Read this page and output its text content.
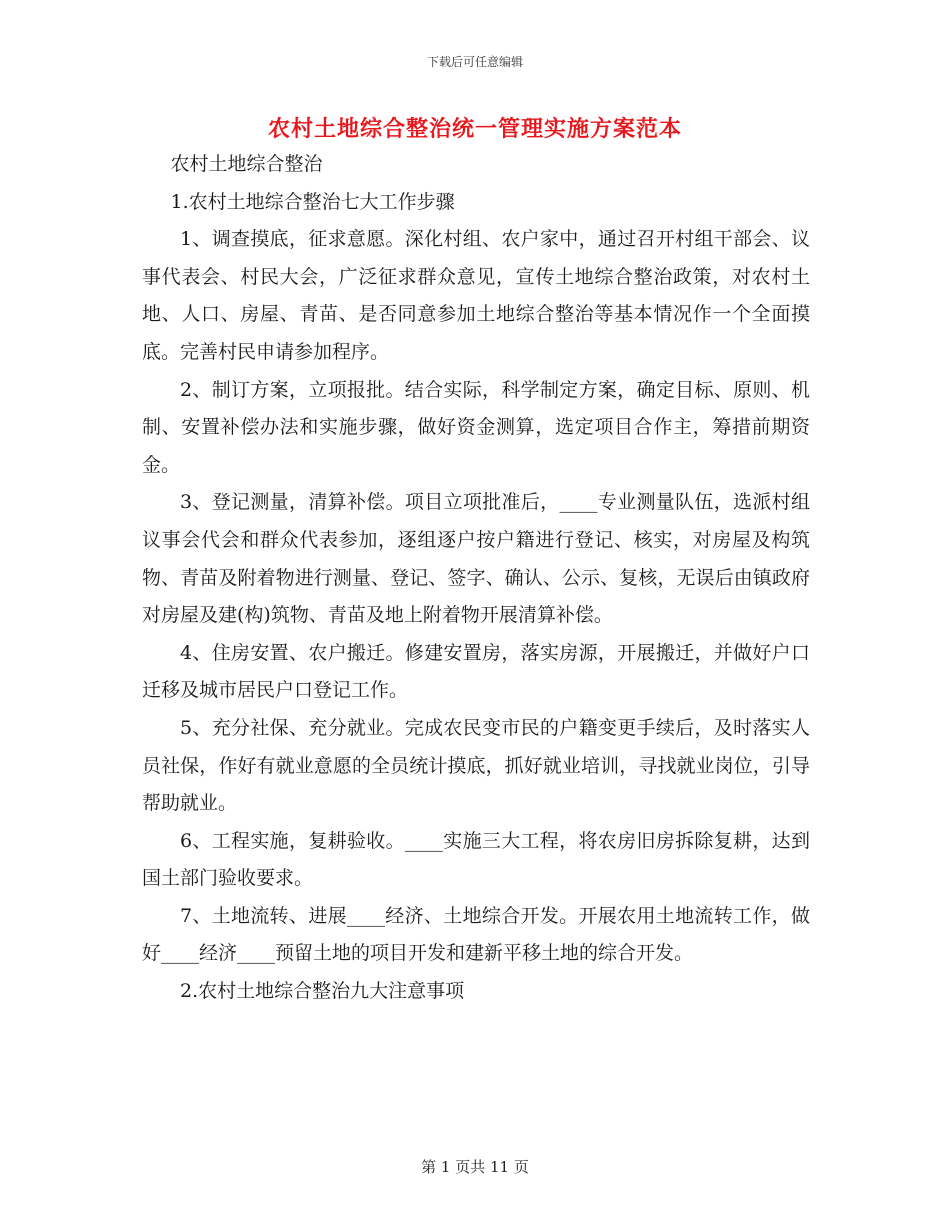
下载后可任意编辑
农村土地综合整治统一管理实施方案范本

农村土地综合整治

1.农村土地综合整治七大工作步骤

1、调查摸底，征求意愿。深化村组、农户家中，通过召开村组干部会、议事代表会、村民大会，广泛征求群众意见，宣传土地综合整治政策，对农村土地、人口、房屋、青苗、是否同意参加土地综合整治等基本情况作一个全面摸底。完善村民申请参加程序。

2、制订方案，立项报批。结合实际，科学制定方案，确定目标、原则、机制、安置补偿办法和实施步骤，做好资金测算，选定项目合作主，筹措前期资金。

3、登记测量，清算补偿。项目立项批准后，____专业测量队伍，选派村组议事会代会和群众代表参加，逐组逐户按户籍进行登记、核实，对房屋及构筑物、青苗及附着物进行测量、登记、签字、确认、公示、复核，无误后由镇政府对房屋及建(构)筑物、青苗及地上附着物开展清算补偿。

4、住房安置、农户搬迁。修建安置房，落实房源，开展搬迁，并做好户口迁移及城市居民户口登记工作。

5、充分社保、充分就业。完成农民变市民的户籍变更手续后，及时落实人员社保，作好有就业意愿的全员统计摸底，抓好就业培训，寻找就业岗位，引导帮助就业。

6、工程实施，复耕验收。____实施三大工程，将农房旧房拆除复耕，达到国土部门验收要求。

7、土地流转、进展____经济、土地综合开发。开展农用土地流转工作，做好____经济____预留土地的项目开发和建新平移土地的综合开发。

2.农村土地综合整治九大注意事项

第 1 页共 11 页
